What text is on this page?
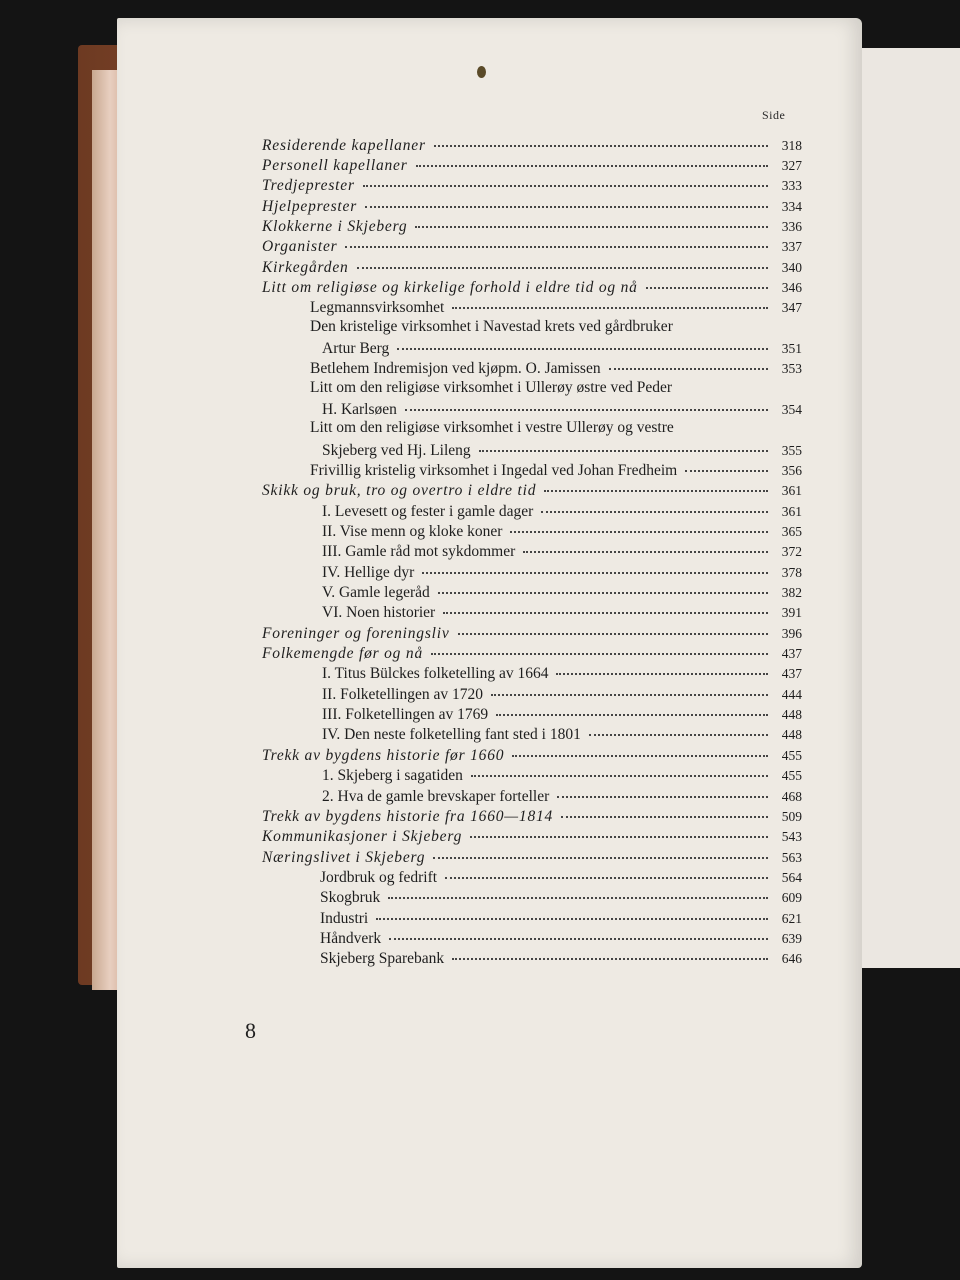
Side
Residerende kapellaner	318
Personell kapellaner	327
Tredjeprester	333
Hjelpeprester	334
Klokkerne i Skjeberg	336
Organister	337
Kirkegården	340
Litt om religiøse og kirkelige forhold i eldre tid og nå	346
Legmannsvirksomhet	347
Den kristelige virksomhet i Navestad krets ved gårdbruker
Artur Berg	351
Betlehem Indremisjon ved kjøpm. O. Jamissen	353
Litt om den religiøse virksomhet i Ullerøy østre ved Peder
H. Karlsøen	354
Litt om den religiøse virksomhet i vestre Ullerøy og vestre
Skjeberg ved Hj. Lileng	355
Frivillig kristelig virksomhet i Ingedal ved Johan Fredheim	356
Skikk og bruk, tro og overtro i eldre tid	361
I. Levesett og fester i gamle dager	361
II. Vise menn og kloke koner	365
III. Gamle råd mot sykdommer	372
IV. Hellige dyr	378
V. Gamle legeråd	382
VI. Noen historier	391
Foreninger og foreningsliv	396
Folkemengde før og nå	437
I. Titus Bülckes folketelling av 1664	437
II. Folketellingen av 1720	444
III. Folketellingen av 1769	448
IV. Den neste folketelling fant sted i 1801	448
Trekk av bygdens historie før 1660	455
1. Skjeberg i sagatiden	455
2. Hva de gamle brevskaper forteller	468
Trekk av bygdens historie fra 1660—1814	509
Kommunikasjoner i Skjeberg	543
Næringslivet i Skjeberg	563
Jordbruk og fedrift	564
Skogbruk	609
Industri	621
Håndverk	639
Skjeberg Sparebank	646
8
